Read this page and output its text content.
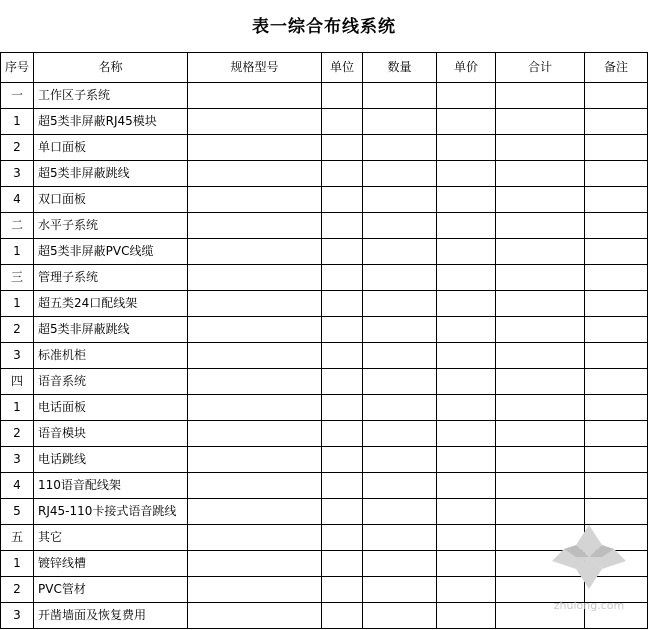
表一综合布线系统
序号	名称	规格型号	单位	数量	单价	合计	备注
一	工作区子系统						
1	超5类非屏蔽RJ45模块						
2	单口面板						
3	超5类非屏蔽跳线						
4	双口面板						
二	水平子系统						
1	超5类非屏蔽PVC线缆						
三	管理子系统						
1	超五类24口配线架						
2	超5类非屏蔽跳线						
3	标准机柜						
四	语音系统						
1	电话面板						
2	语音模块						
3	电话跳线						
4	110语音配线架						
5	RJ45-110卡接式语音跳线						
五	其它						
1	镀锌线槽						
2	PVC管材						
3	开凿墙面及恢复费用						
zhulong.com
